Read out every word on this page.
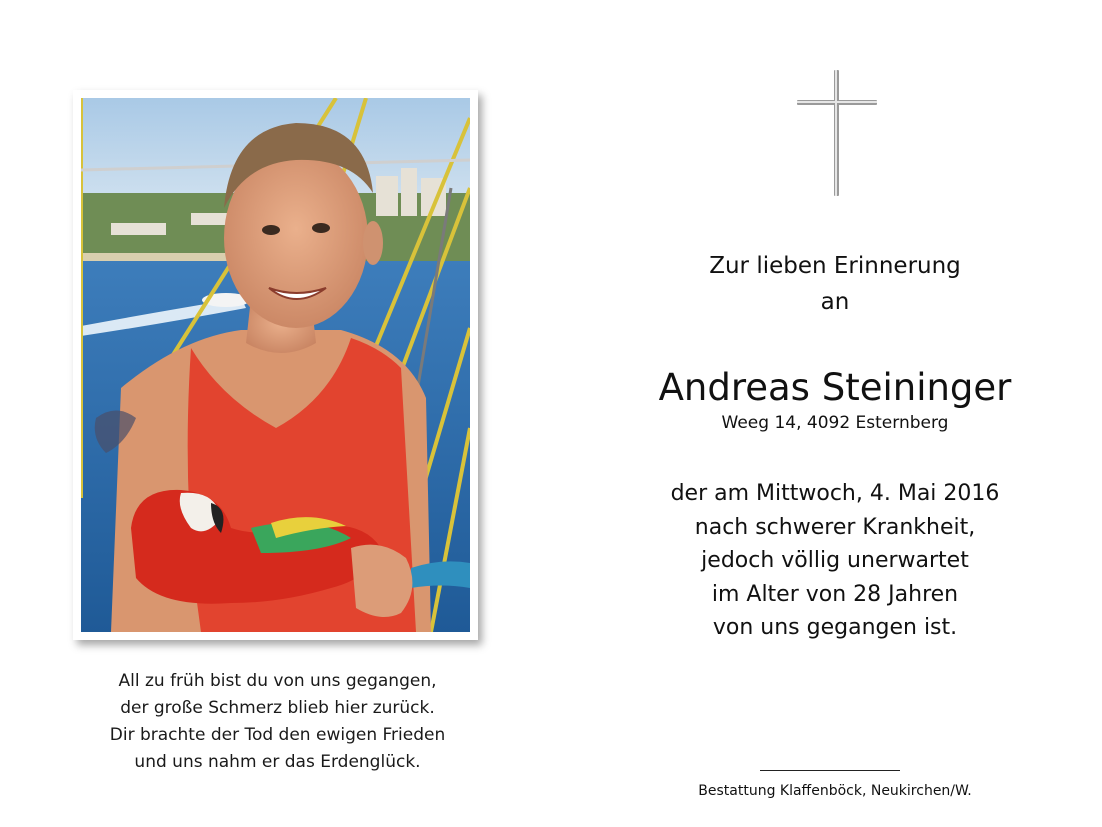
All zu früh bist du von uns gegangen,
der große Schmerz blieb hier zurück.
Dir brachte der Tod den ewigen Frieden
und uns nahm er das Erdenglück.
Zur lieben Erinnerung
an
Andreas Steininger
Weeg 14, 4092 Esternberg
der am Mittwoch, 4. Mai 2016
nach schwerer Krankheit,
jedoch völlig unerwartet
im Alter von 28 Jahren
von uns gegangen ist.
Bestattung Klaffenböck, Neukirchen/W.
